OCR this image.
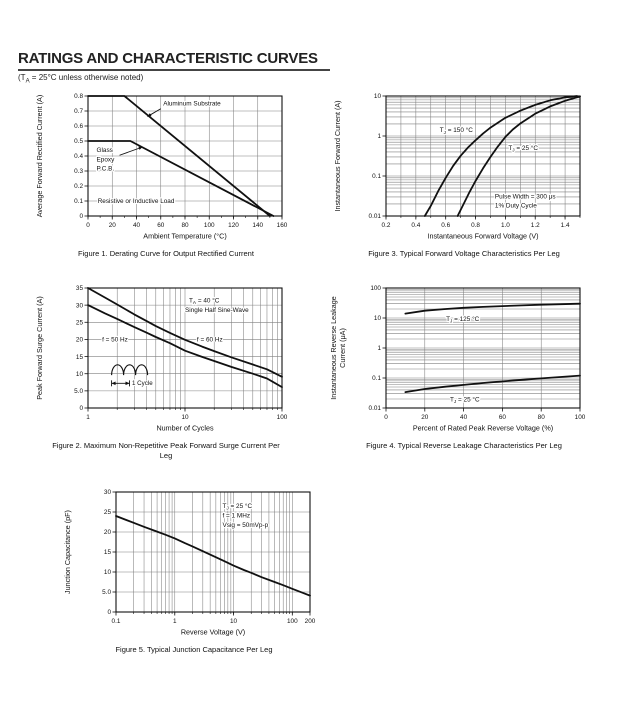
RATINGS AND CHARACTERISTIC CURVES
($T_A = 25^\circ C$ unless otherwise noted)
0	20	40	60	80 100 120 140 160
0
0.1
0.2
0.3
0.4
0.5
0.6
0.7
0.8
Ambient Temperature (°C)
Average Forward Rectified Current (A)	Aluminum Substrate
Glass
Epoxy
P.C.B.
Resistive or Inductive Load
Figure 1. Derating Curve for Output Rectified Current
0.2	0.4	0.6	0.8	1.0	1.2	1.4
0.01
0.1
1
10
Instantaneous Forward Voltage (V)
Instantaneous Forward Current (A)	$T_J = 150$ °C
$T_J = 25$ °C
Pulse Width = 300 μs
1% Duty Cycle
Figure 3. Typical Forward Voltage Characteristics Per Leg
1	10	100
0
5.0
10
15
20
25
30
35
Number of Cycles
Peak Forward Surge Current (A)	$T_A = 40$ °C
Single Half Sine-Wave
f = 50 Hz	f = 60 Hz
1 Cycle
Figure 2. Maximum Non-Repetitive Peak Forward Surge Current Per Leg
0	20	40	60	80	100
0.01
0.1
1
10
100
Percent of Rated Peak Reverse Voltage (%)
Instantaneous Reverse Leakage Current (μA)
$T_J = 125$ °C
$T_J = 25$ °C
Figure 4. Typical Reverse Leakage Characteristics Per Leg
0.1	1	10	100 200
0
5.0
10
15
20
25
30
Reverse Voltage (V)
Junction Capacitance (pF)
$T_J = 25$ °C
f = 1 MHz
Vsig = 50mVp-p
Figure 5. Typical Junction Capacitance Per Leg
